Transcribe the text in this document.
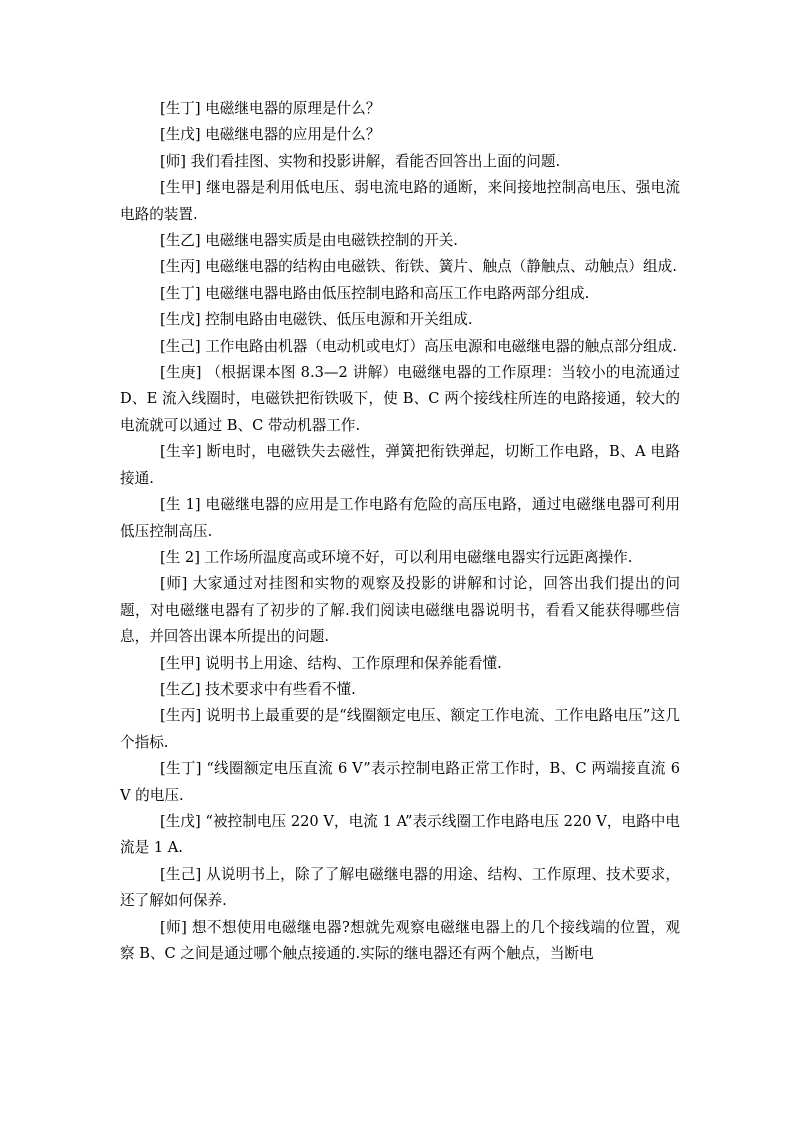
[生丁] 电磁继电器的原理是什么？

[生戊] 电磁继电器的应用是什么？

[师] 我们看挂图、实物和投影讲解，看能否回答出上面的问题.

[生甲] 继电器是利用低电压、弱电流电路的通断，来间接地控制高电压、强电流电路的装置.

[生乙] 电磁继电器实质是由电磁铁控制的开关.

[生丙] 电磁继电器的结构由电磁铁、衔铁、簧片、触点（静触点、动触点）组成.

[生丁] 电磁继电器电路由低压控制电路和高压工作电路两部分组成.

[生戊] 控制电路由电磁铁、低压电源和开关组成.

[生己] 工作电路由机器（电动机或电灯）高压电源和电磁继电器的触点部分组成.

[生庚] （根据课本图 8.3—2 讲解）电磁继电器的工作原理：当较小的电流通过 D、E 流入线圈时，电磁铁把衔铁吸下，使 B、C 两个接线柱所连的电路接通，较大的电流就可以通过 B、C 带动机器工作.

[生辛] 断电时，电磁铁失去磁性，弹簧把衔铁弹起，切断工作电路，B、A 电路接通.

[生 1] 电磁继电器的应用是工作电路有危险的高压电路，通过电磁继电器可利用低压控制高压.

[生 2] 工作场所温度高或环境不好，可以利用电磁继电器实行远距离操作.

[师] 大家通过对挂图和实物的观察及投影的讲解和讨论，回答出我们提出的问题，对电磁继电器有了初步的了解.我们阅读电磁继电器说明书，看看又能获得哪些信息，并回答出课本所提出的问题.

[生甲] 说明书上用途、结构、工作原理和保养能看懂.

[生乙] 技术要求中有些看不懂.

[生丙] 说明书上最重要的是“线圈额定电压、额定工作电流、工作电路电压”这几个指标.

[生丁] “线圈额定电压直流 6 V”表示控制电路正常工作时，B、C 两端接直流 6 V 的电压.

[生戊] “被控制电压 220 V，电流 1 A”表示线圈工作电路电压 220 V，电路中电流是 1 A.

[生己] 从说明书上，除了了解电磁继电器的用途、结构、工作原理、技术要求，还了解如何保养.

[师] 想不想使用电磁继电器?想就先观察电磁继电器上的几个接线端的位置，观察 B、C 之间是通过哪个触点接通的.实际的继电器还有两个触点，当断电
